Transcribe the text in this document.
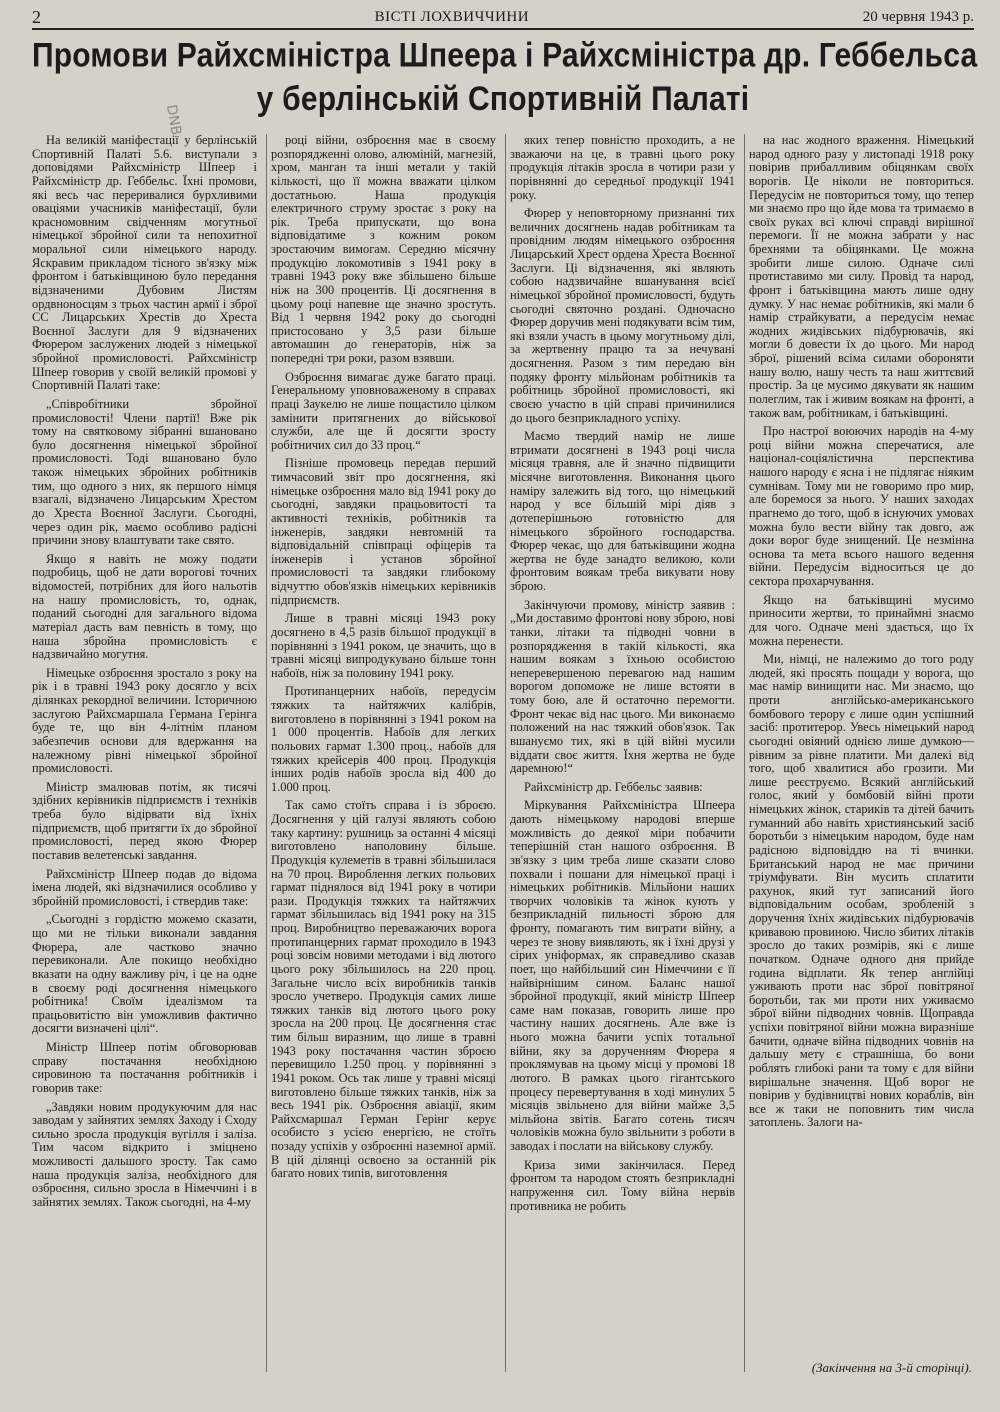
2	ВІСТІ ЛОХВИЧЧИНИ	20 червня 1943 р.
Промови Райхсміністра Шпеера і Райхсміністра др. Геббельса
у берлінській Спортивній Палаті
DNB

На великій маніфестації у берлінській Спортивній Палаті 5.6. виступали з доповідями Райхсміністр Шпеер і Райхсміністр др. Геббельс. Їхні промови, які весь час переривалися бурхливими оваціями учасників маніфестації, були красномовним свідченням могутньої німецької збройної сили та непохитної моральної сили німецького народу. Яскравим прикладом тісного зв'язку між фронтом і батьківщиною було передання відзначеними Дубовим Листям ордвноносцям з трьох частин армії і зброї СС Лицарських Хрестів до Хреста Воєнної Заслуги для 9 відзначених Фюрером заслужених людей з німецької збройної промисловості. Райхсміністр Шпеер говорив у своїй великій промові у Спортивній Палаті таке:

„Співробітники збройної промисловості! Члени партії! Вже рік тому на святковому зібранні вшановано було досягнення німецької збройної промисловості. Тоді вшановано було також німецьких збройних робітників тим, що одного з них, як першого німця взагалі, відзначено Лицарським Хрестом до Хреста Воєнної Заслуги. Сьогодні, через один рік, маємо особливо радісні причини знову влаштувати таке свято.

Якщо я навіть не можу подати подробиць, щоб не дати ворогові точних відомостей, потрібних для його нальотів на нашу промисловість, то, однак, поданий сьогодні для загального відома матеріал дасть вам певність в тому, що наша збройна промисловість є надзвичайно могутня.

Німецьке озброєння зростало з року на рік і в травні 1943 року досягло у всіх ділянках рекордної величини. Історичною заслугою Райхсмаршала Германа Герінга буде те, що він 4-літнім планом забезпечив основи для вдержання на належному рівні німецької збройної промисловості.

Міністр змалював потім, як тисячі здібних керівників підприємств і техніків треба було відірвати від їхніх підприємств, щоб притягти їх до збройної промисловості, перед якою Фюрер поставив велетенські завдання.

Райхсміністр Шпеер подав до відома імена людей, які відзначилися особливо у збройній промисловості, і ствердив таке:

„Сьогодні з гордістю можемо сказати, що ми не тільки виконали завдання Фюрера, але частково значно перевиконали. Але покищо необхідно вказати на одну важливу річ, і це на одне в своєму роді досягнення німецького робітника! Своїм ідеалізмом та працьовитістю він уможливив фактично досягти визначені цілі“.

Міністр Шпеер потім обговорював справу постачання необхідною сировиною та постачання робітників і говорив таке:

„Завдяки новим продукуючим для нас заводам у зайнятих землях Заходу і Сходу сильно зросла продукція вугілля і заліза. Тим часом відкрито і зміцнено можливості дальшого зросту. Так само наша продукція заліза, необхідного для озброєння, сильно зросла в Німеччині і в зайнятих землях. Також сьогодні, на 4-му

році війни, озброєння має в своєму розпорядженні олово, алюміній, магнезій, хром, манган та інші метали у такій кількості, що її можна вважати цілком достатньою. Наша продукція електричного струму зростає з року на рік. Треба припускати, що вона відповідатиме з кожним роком зростаючим вимогам. Середню місячну продукцію локомотивів з 1941 року в травні 1943 року вже збільшено більше ніж на 300 процентів. Ці досягнення в цьому році напевне ще значно зростуть. Від 1 червня 1942 року до сьогодні пристосовано у 3,5 рази більше автомашин до генераторів, ніж за попередні три роки, разом взявши.

Озброєння вимагає дуже багато праці. Генеральному уповноваженому в справах праці Заукелю не лише пощастило цілком замінити притягнених до військової служби, але ще й досягти зросту робітничих сил до 33 проц.“

Пізніше промовець передав перший тимчасовий звіт про досягнення, які німецьке озброєння мало від 1941 року до сьогодні, завдяки працьовитості та активності техніків, робітників та інженерів, завдяки невтомній та відповідальній співпраці офіцерів та інженерів і установ збройної промисловості та завдяки глибокому відчуттю обов'язків німецьких керівників підприємств.

Лише в травні місяці 1943 року досягнено в 4,5 разів більшої продукції в порівнянні з 1941 роком, це значить, що в травні місяці випродукувано більше тонн набоїв, ніж за половину 1941 року.

Протипанцерних набоїв, передусім тяжких та найтяжчих калібрів, виготовлено в порівнянні з 1941 роком на 1 000 процентів. Набоїв для легких польових гармат 1.300 проц., набоїв для тяжких крейсерів 400 проц. Продукція інших родів набоїв зросла від 400 до 1.000 проц.

Так само стоїть справа і із зброєю. Досягнення у цій галузі являють собою таку картину: рушниць за останні 4 місяці виготовлено наполовину більше. Продукція кулеметів в травні збільшилася на 70 проц. Вироблення легких польових гармат піднялося від 1941 року в чотири рази. Продукція тяжких та найтяжчих гармат збільшилась від 1941 року на 315 проц. Виробництво переважаючих ворога протипанцерних гармат проходило в 1943 році зовсім новими методами і від лютого цього року збільшилось на 220 проц. Загальне число всіх виробників танків зросло учетверо. Продукція самих лише тяжких танків від лютого цього року зросла на 200 проц. Це досягнення стає тим більш виразним, що лише в травні 1943 року постачання частин зброєю перевищило 1.250 проц. у порівнянні з 1941 роком. Ось так лише у травні місяці виготовлено більше тяжких танків, ніж за весь 1941 рік. Озброєння авіації, яким Райхсмаршал Герман Герінг керує особисто з усією енергією, не стоїть позаду успіхів у озброєнні наземної армії. В цій ділянці освоєно за останній рік багато нових типів, виготовлення

яких тепер повністю проходить, а не зважаючи на це, в травні цього року продукція літаків зросла в чотири рази у порівнянні до середньої продукції 1941 року.

Фюрер у неповторному признанні тих величних досягнень надав робітникам та провідним людям німецького озброєння Лицарський Хрест ордена Хреста Воєнної Заслуги. Ці відзначення, які являють собою надзвичайне вшанування всієї німецької збройної промисловості, будуть сьогодні святочно роздані. Одночасно Фюрер доручив мені подякувати всім тим, які взяли участь в цьому могутньому ділі, за жертвенну працю та за нечувані досягнення. Разом з тим передаю він подяку фронту мільйонам робітників та робітниць збройної промисловості, які своєю участю в цій справі причинилися до цього безприкладного успіху.

Маємо твердий намір не лише втримати досягнені в 1943 році числа місяця травня, але й значно підвищити місячне виготовлення. Виконання цього наміру залежить від того, що німецький народ у все більшій мірі діяв з дотеперішньою готовністю для німецького збройного господарства. Фюрер чекає, що для батьківщини жодна жертва не буде занадто великою, коли фронтовим воякам треба викувати нову зброю.

Закінчуючи промову, міністр заявив :„Ми доставимо фронтові нову зброю, нові танки, літаки та підводні човни в розпорядження в такій кількості, яка нашим воякам з їхньою особистою неперевершеною перевагою над нашим ворогом допоможе не лише встояти в тому бою, але й остаточно перемогти. Фронт чекає від нас цього. Ми виконаємо положений на нас тяжкий обов'язок. Так вшануємо тих, які в цій війні мусили віддати своє життя. Їхня жертва не буде даремною!“

Райхсміністр др. Геббельс заявив:

Міркування Райхсміністра Шпеера дають німецькому народові вперше можливість до деякої міри побачити теперішній стан нашого озброєння. В зв'язку з цим треба лише сказати слово похвали і пошани для німецької праці і німецьких робітників. Мільйони наших творчих чоловіків та жінок кують у безприкладній пильності зброю для фронту, помагають тим виграти війну, а через те знову виявляють, як і їхні друзі у сірих уніформах, як справедливо сказав поет, що найбільший син Німеччини є її найвірнішим сином. Баланс нашої збройної продукції, який міністр Шпеер саме нам показав, говорить лише про частину наших досягнень. Але вже із нього можна бачити успіх тотальної війни, яку за дорученням Фюрера я проклямував на цьому місці у промові 18 лютого. В рамках цього гігантського процесу перевертування в ході минулих 5 місяців звільнено для війни майже 3,5 мільйона звітів. Багато сотень тисяч чоловіків можна було звільнити з роботи в заводах і послати на військову службу.

Криза зими закінчилася. Перед фронтом та народом стоять безприкладні напруження сил. Тому війна нервів противника не робить

на нас жодного враження. Німецький народ одного разу у листопаді 1918 року повірив прибалливим обіцянкам своїх ворогів. Це ніколи не повториться. Передусім не повториться тому, що тепер ми знаємо про що йде мова та тримаємо в своїх руках всі ключі справді вирішної перемоги. Її не можна забрати у нас брехнями та обіцянками. Це можна зробити лише силою. Одначе силі протиставимо ми силу. Провід та народ, фронт і батьківщина мають лише одну думку. У нас немає робітників, які мали б намір страйкувати, а передусім немає жодних жидівських підбурювачів, які могли б довести їх до цього. Ми народ зброї, рішений всіма силами обороняти нашу волю, нашу честь та наш життєвий простір. За це мусимо дякувати як нашим полеглим, так і живим воякам на фронті, а також вам, робітникам, і батьківщині.

Про настрої воюючих народів на 4-му році війни можна сперечатися, але націонал-соціялістична перспектива нашого народу є ясна і не підлягає ніяким сумнівам. Тому ми не говоримо про мир, але боремося за нього. У наших заходах прагнемо до того, щоб в існуючих умовах можна було вести війну так довго, аж доки ворог буде знищений. Це незмінна основа та мета всього нашого ведення війни. Передусім відноситься це до сектора прохарчування.

Якщо на батьківщині мусимо приносити жертви, то принаймні знаємо для чого. Одначе мені здається, що їх можна перенести.

Ми, німці, не належимо до того роду людей, які просять пощади у ворога, що має намір винищити нас. Ми знаємо, що проти англійсько-американського бомбового терору є лише один успішний засіб: протитерор. Увесь німецький народ сьогодні овіяний однією лише думкою—рівним за рівне платити. Ми далекі від того, щоб хвалитися або грозити. Ми лише реєструємо. Всякий англійський голос, який у бомбовій війні проти німецьких жінок, стариків та дітей бачить гуманний або навіть християнський засіб боротьби з німецьким народом, буде нам радісною відповіддю на ті вчинки. Британський народ не має причини тріумфувати. Він мусить сплатити рахунок, який тут записаний його відповідальним особам, зробленій з доручення їхніх жидівських підбурювачів кривавою провиною. Число збитих літаків зросло до таких розмірів, які є лише початком. Одначе одного дня прийде година відплати. Як тепер англійці уживають проти нас зброї повітряної боротьби, так ми проти них уживаємо зброї війни підводних човнів. Щоправда успіхи повітряної війни можна виразніше бачити, одначе війна підводних човнів на дальшу мету є страшніша, бо вони роблять глибокі рани та тому є для війни вирішальне значення. Щоб ворог не повірив у будівництві нових кораблів, він все ж таки не поповнить тим числа затоплень. Залоги на-

(Закінчення на 3-й сторінці).
